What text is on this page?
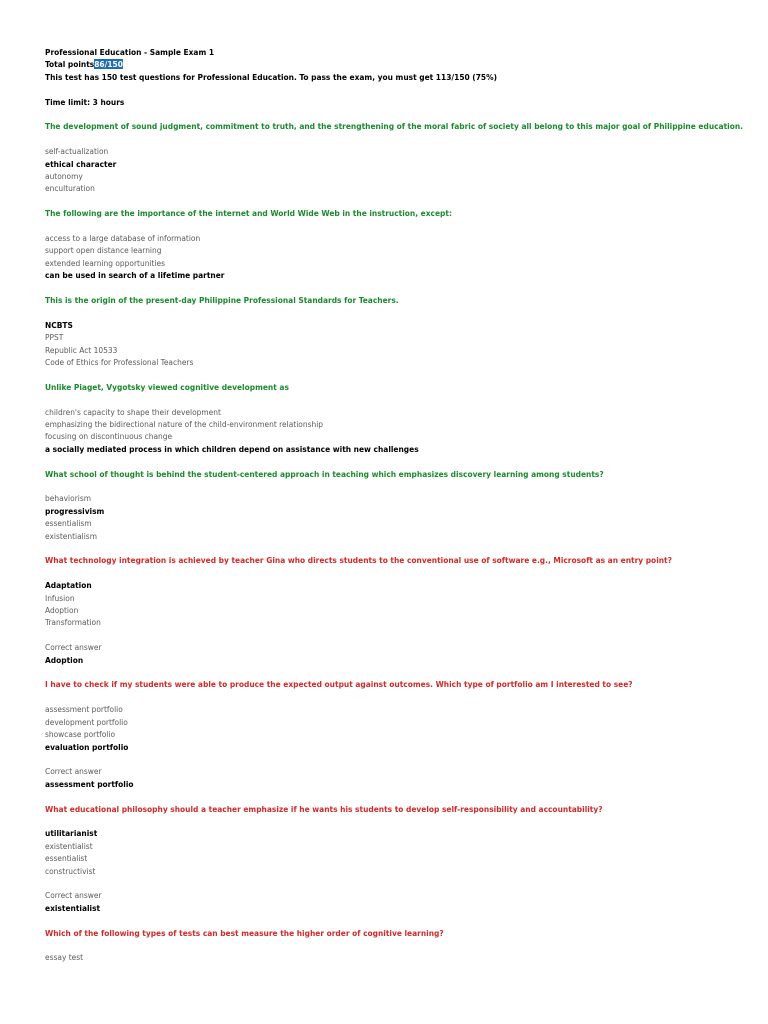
Professional Education - Sample Exam 1
Total points86/150
This test has 150 test questions for Professional Education. To pass the exam, you must get 113/150 (75%)
Time limit: 3 hours
The development of sound judgment, commitment to truth, and the strengthening of the moral fabric of society all belong to this major goal of Philippine education.
self-actualization
ethical character
autonomy
enculturation
The following are the importance of the internet and World Wide Web in the instruction, except:
access to a large database of information
support open distance learning
extended learning opportunities
can be used in search of a lifetime partner
This is the origin of the present-day Philippine Professional Standards for Teachers.
NCBTS
PPST
Republic Act 10533
Code of Ethics for Professional Teachers
Unlike Piaget, Vygotsky viewed cognitive development as
children's capacity to shape their development
emphasizing the bidirectional nature of the child-environment relationship
focusing on discontinuous change
a socially mediated process in which children depend on assistance with new challenges
What school of thought is behind the student-centered approach in teaching which emphasizes discovery learning among students?
behaviorism
progressivism
essentialism
existentialism
What technology integration is achieved by teacher Gina who directs students to the conventional use of software e.g., Microsoft as an entry point?
Adaptation
Infusion
Adoption
Transformation
Correct answer
Adoption
I have to check if my students were able to produce the expected output against outcomes. Which type of portfolio am I interested to see?
assessment portfolio
development portfolio
showcase portfolio
evaluation portfolio
Correct answer
assessment portfolio
What educational philosophy should a teacher emphasize if he wants his students to develop self-responsibility and accountability?
utilitarianist
existentialist
essentialist
constructivist
Correct answer
existentialist
Which of the following types of tests can best measure the higher order of cognitive learning?
essay test
